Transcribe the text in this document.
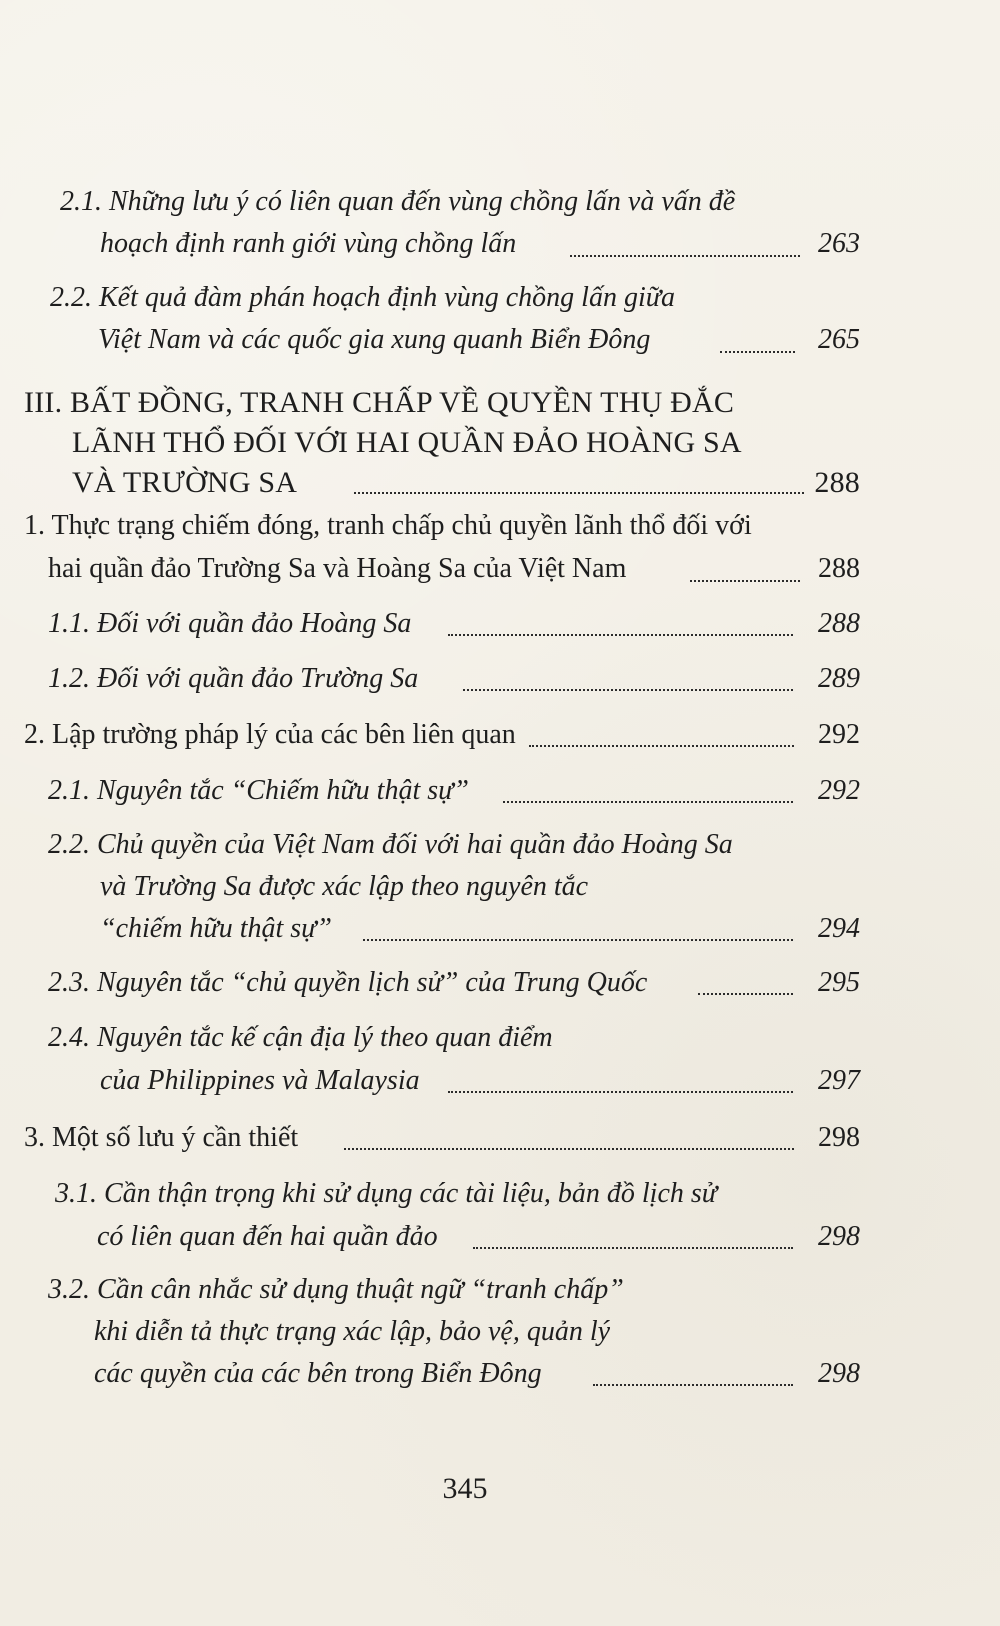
2.1. Những lưu ý có liên quan đến vùng chồng lấn và vấn đề
hoạch định ranh giới vùng chồng lấn	263
2.2. Kết quả đàm phán hoạch định vùng chồng lấn giữa
Việt Nam và các quốc gia xung quanh Biển Đông	265
III. BẤT ĐỒNG, TRANH CHẤP VỀ QUYỀN THỤ ĐẮC
LÃNH THỔ ĐỐI VỚI HAI QUẦN ĐẢO HOÀNG SA
VÀ TRƯỜNG SA	288
1. Thực trạng chiếm đóng, tranh chấp chủ quyền lãnh thổ đối với
hai quần đảo Trường Sa và Hoàng Sa của Việt Nam	288
1.1. Đối với quần đảo Hoàng Sa	288
1.2. Đối với quần đảo Trường Sa	289
2. Lập trường pháp lý của các bên liên quan	292
2.1. Nguyên tắc “Chiếm hữu thật sự”	292
2.2. Chủ quyền của Việt Nam đối với hai quần đảo Hoàng Sa
và Trường Sa được xác lập theo nguyên tắc
“chiếm hữu thật sự”	294
2.3. Nguyên tắc “chủ quyền lịch sử” của Trung Quốc	295
2.4. Nguyên tắc kế cận địa lý theo quan điểm
của Philippines và Malaysia	297
3. Một số lưu ý cần thiết	298
3.1. Cần thận trọng khi sử dụng các tài liệu, bản đồ lịch sử
có liên quan đến hai quần đảo	298
3.2. Cần cân nhắc sử dụng thuật ngữ “tranh chấp”
khi diễn tả thực trạng xác lập, bảo vệ, quản lý
các quyền của các bên trong Biển Đông	298
345
